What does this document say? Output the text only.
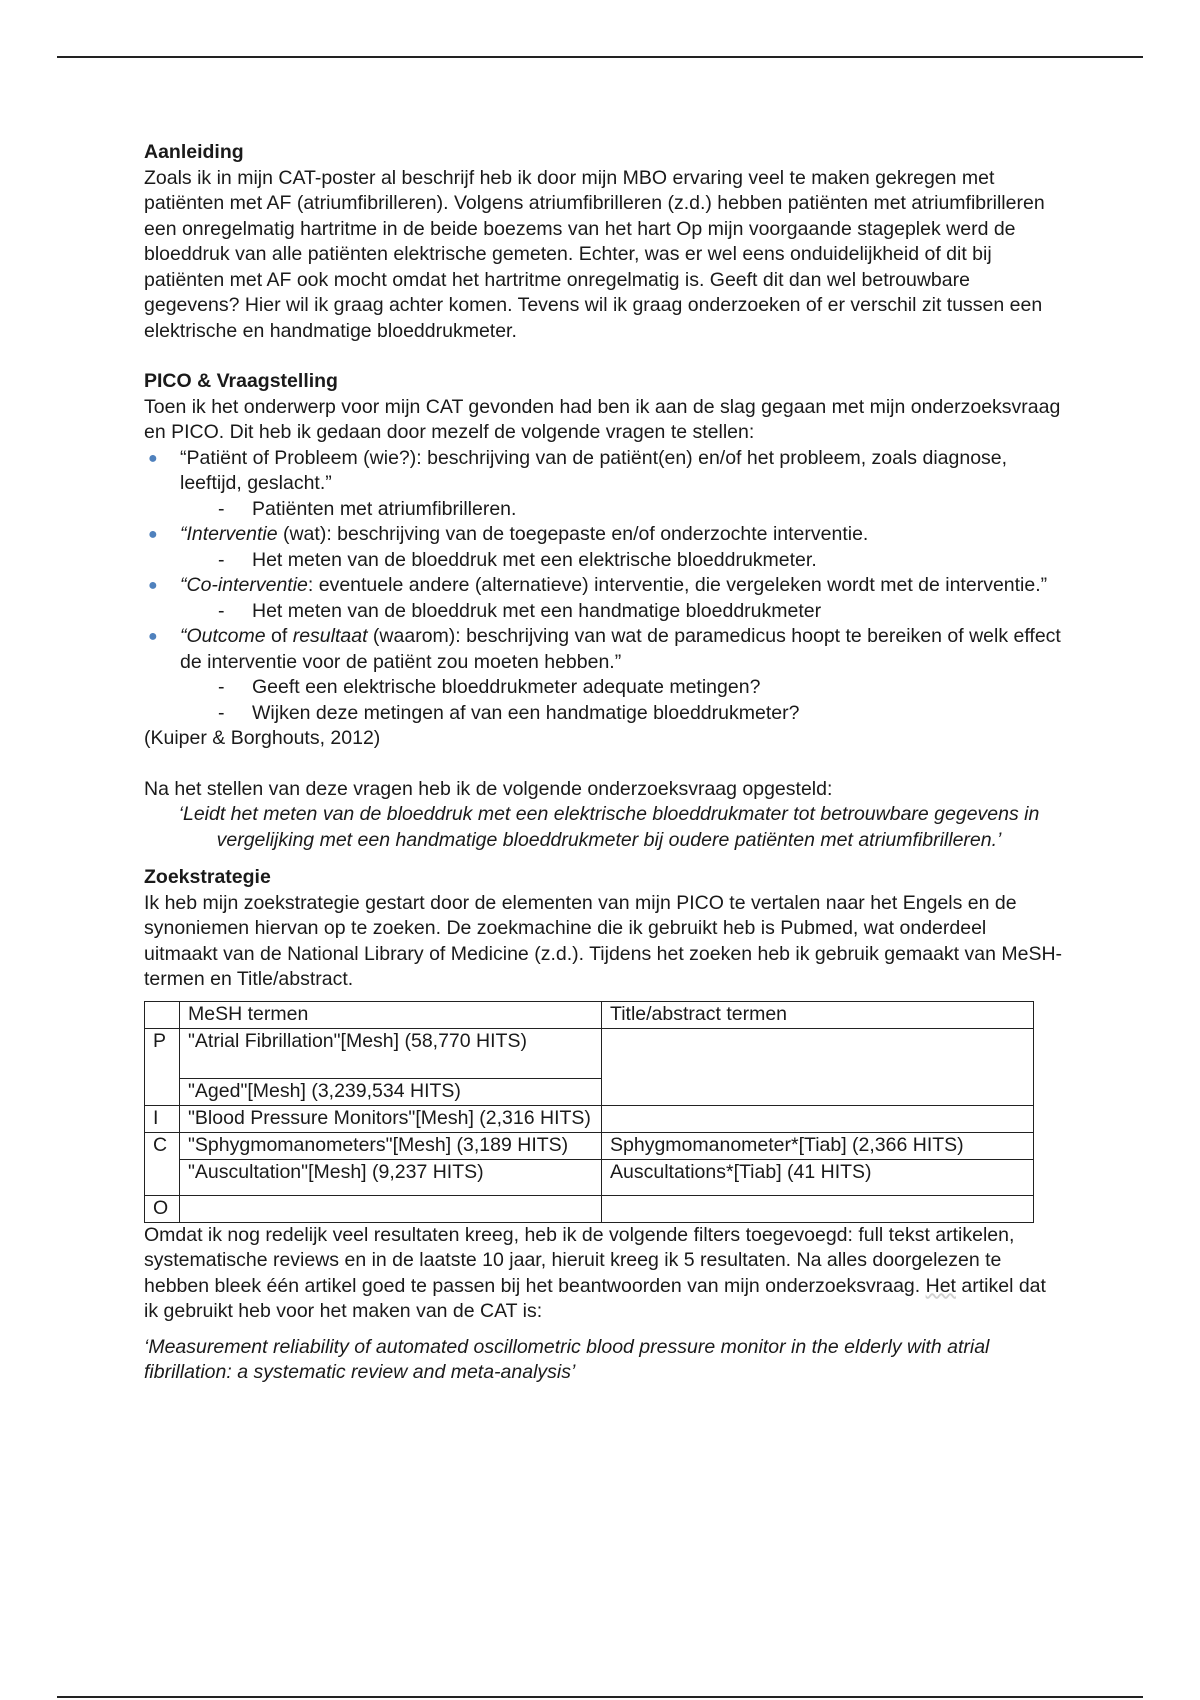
Aanleiding

Zoals ik in mijn CAT-poster al beschrijf heb ik door mijn MBO ervaring veel te maken gekregen met patiënten met AF (atriumfibrilleren). Volgens atriumfibrilleren (z.d.) hebben patiënten met atriumfibrilleren een onregelmatig hartritme in de beide boezems van het hart Op mijn voorgaande stageplek werd de bloeddruk van alle patiënten elektrische gemeten. Echter, was er wel eens onduidelijkheid of dit bij patiënten met AF ook mocht omdat het hartritme onregelmatig is. Geeft dit dan wel betrouwbare gegevens? Hier wil ik graag achter komen. Tevens wil ik graag onderzoeken of er verschil zit tussen een elektrische en handmatige bloeddrukmeter.

PICO & Vraagstelling

Toen ik het onderwerp voor mijn CAT gevonden had ben ik aan de slag gegaan met mijn onderzoeksvraag en PICO. Dit heb ik gedaan door mezelf de volgende vragen te stellen:

● “Patiënt of Probleem (wie?): beschrijving van de patiënt(en) en/of het probleem, zoals diagnose, leeftijd, geslacht.”
- Patiënten met atriumfibrilleren.
● “Interventie (wat): beschrijving van de toegepaste en/of onderzochte interventie.
- Het meten van de bloeddruk met een elektrische bloeddrukmeter.
● “Co-interventie: eventuele andere (alternatieve) interventie, die vergeleken wordt met de interventie.”
- Het meten van de bloeddruk met een handmatige bloeddrukmeter
● “Outcome of resultaat (waarom): beschrijving van wat de paramedicus hoopt te bereiken of welk effect de interventie voor de patiënt zou moeten hebben.”
- Geeft een elektrische bloeddrukmeter adequate metingen?
- Wijken deze metingen af van een handmatige bloeddrukmeter?

(Kuiper & Borghouts, 2012)

Na het stellen van deze vragen heb ik de volgende onderzoeksvraag opgesteld:

‘Leidt het meten van de bloeddruk met een elektrische bloeddrukmater tot betrouwbare gegevens in vergelijking met een handmatige bloeddrukmeter bij oudere patiënten met atriumfibrilleren.’

Zoekstrategie

Ik heb mijn zoekstrategie gestart door de elementen van mijn PICO te vertalen naar het Engels en de synoniemen hiervan op te zoeken. De zoekmachine die ik gebruikt heb is Pubmed, wat onderdeel uitmaakt van de National Library of Medicine (z.d.). Tijdens het zoeken heb ik gebruik gemaakt van MeSH-termen en Title/abstract.

	MeSH termen	Title/abstract termen
P	"Atrial Fibrillation"[Mesh] (58,770 HITS)	
	"Aged"[Mesh] (3,239,534 HITS)	
I	"Blood Pressure Monitors"[Mesh] (2,316 HITS)	
C	"Sphygmomanometers"[Mesh] (3,189 HITS)	Sphygmomanometer*[Tiab] (2,366 HITS)
	"Auscultation"[Mesh] (9,237 HITS)	Auscultations*[Tiab] (41 HITS)
O		

Omdat ik nog redelijk veel resultaten kreeg, heb ik de volgende filters toegevoegd: full tekst artikelen, systematische reviews en in de laatste 10 jaar, hieruit kreeg ik 5 resultaten. Na alles doorgelezen te hebben bleek één artikel goed te passen bij het beantwoorden van mijn onderzoeksvraag. Het artikel dat ik gebruikt heb voor het maken van de CAT is:

‘Measurement reliability of automated oscillometric blood pressure monitor in the elderly with atrial fibrillation: a systematic review and meta-analysis’
